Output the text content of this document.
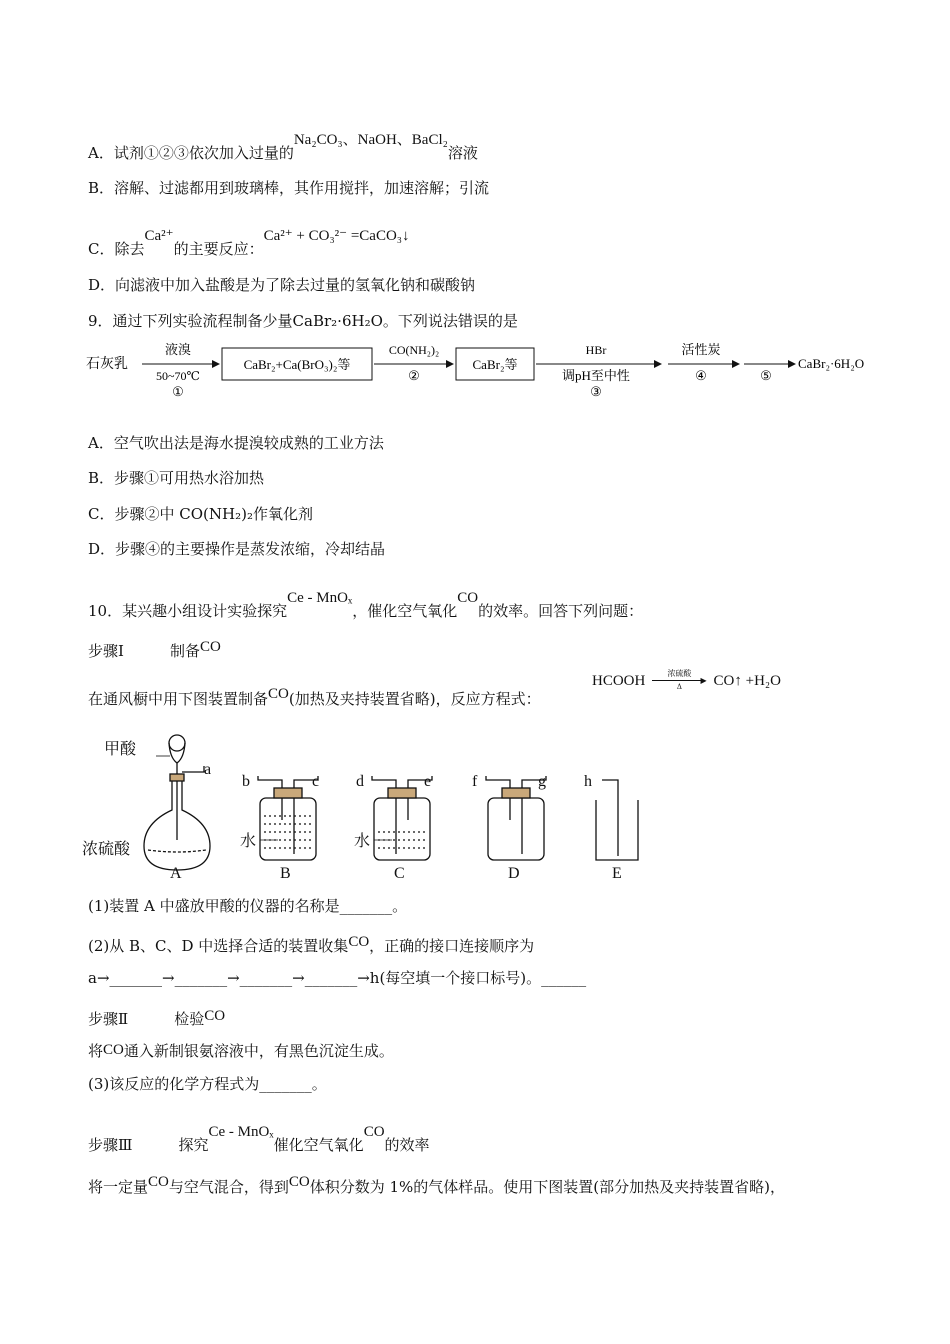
A．试剂①②③依次加入过量的Na₂CO₃、NaOH、BaCl₂溶液
B．溶解、过滤都用到玻璃棒，其作用搅拌，加速溶解；引流
C．除去Ca²⁺的主要反应：Ca²⁺ + CO₃²⁻ =CaCO₃↓
D．向滤液中加入盐酸是为了除去过量的氢氧化钠和碳酸钠
9．通过下列实验流程制备少量CaBr₂·6H₂O。下列说法错误的是
石灰乳
液溴
50~70℃
①
CaBr₂+Ca(BrO₃)₂等
CO(NH₂)₂
②
CaBr₂等
HBr
调pH至中性
③
活性炭
④	⑤
CaBr₂·6H₂O
A．空气吹出法是海水提溴较成熟的工业方法
B．步骤①可用热水浴加热
C．步骤②中 CO(NH₂)₂作氧化剂
D．步骤④的主要操作是蒸发浓缩，冷却结晶
10．某兴趣小组设计实验探究Ce - MnOₓ，催化空气氧化CO的效率。回答下列问题：
步骤Ⅰ	制备CO
在通风橱中用下图装置制备CO(加热及夹持装置省略)，反应方程式：
HCOOH	浓硫酸
▶
Δ	CO↑ +H₂O
甲酸
浓硫酸	水	水
a
b	c d	e	f	g h
A	B	C	D	E
(1)装置 A 中盛放甲酸的仪器的名称是_______。
(2)从 B、C、D 中选择合适的装置收集CO，正确的接口连接顺序为
a→_______→_______→_______→_______→h(每空填一个接口标号)。______
步骤Ⅱ	检验CO
将CO通入新制银氨溶液中，有黑色沉淀生成。
(3)该反应的化学方程式为_______。
步骤Ⅲ	探究Ce - MnOₓ催化空气氧化CO的效率
将一定量CO与空气混合，得到CO体积分数为 1%的气体样品。使用下图装置(部分加热及夹持装置省略)，
